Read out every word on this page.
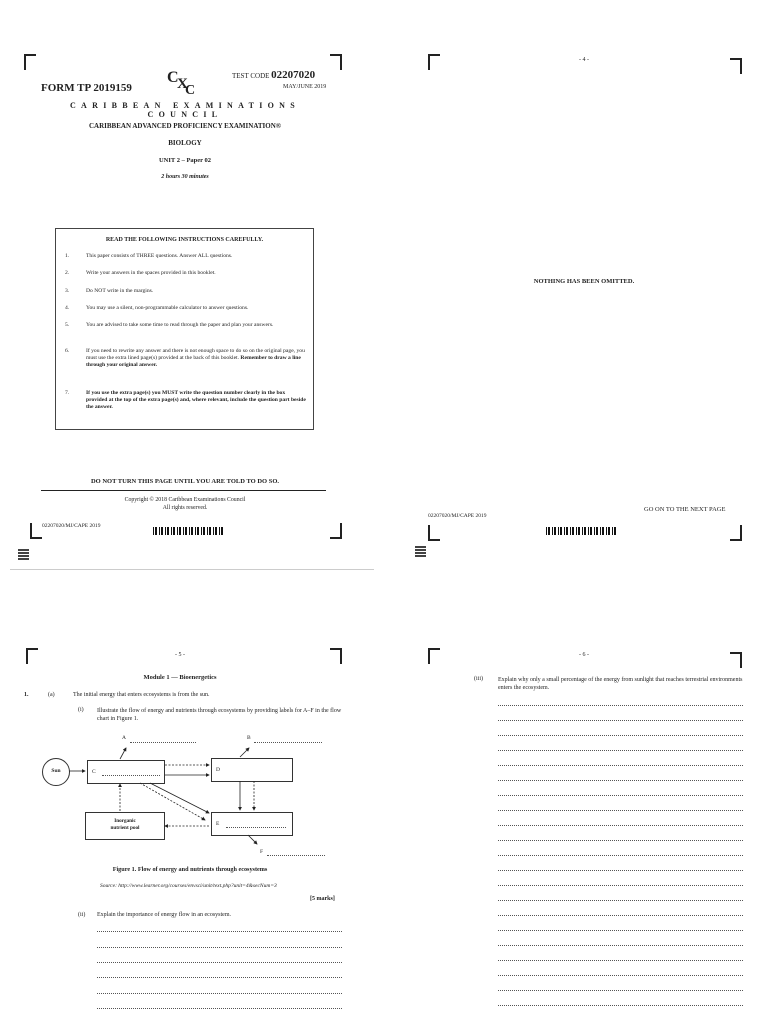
FORM TP 2019159
C
X
C
TEST CODE 02207020
MAY/JUNE 2019
CARIBBEAN EXAMINATIONS COUNCIL
CARIBBEAN ADVANCED PROFICIENCY EXAMINATION®
BIOLOGY
UNIT 2 – Paper 02
2 hours 30 minutes
READ THE FOLLOWING INSTRUCTIONS CAREFULLY.
1.	This paper consists of THREE questions. Answer ALL questions.
2.	Write your answers in the spaces provided in this booklet.
3.	Do NOT write in the margins.
4.	You may use a silent, non-programmable calculator to answer questions.
5.	You are advised to take some time to read through the paper and plan your answers.
6.	If you need to rewrite any answer and there is not enough space to do so on the original page, you must use the extra lined page(s) provided at the back of this booklet. Remember to draw a line through your original answer.
7.	If you use the extra page(s) you MUST write the question number clearly in the box provided at the top of the extra page(s) and, where relevant, include the question part beside the answer.
DO NOT TURN THIS PAGE UNTIL YOU ARE TOLD TO DO SO.
Copyright © 2018 Caribbean Examinations Council
All rights reserved.
02207020/MJ/CAPE 2019
- 4 -
NOTHING HAS BEEN OMITTED.
GO ON TO THE NEXT PAGE
02207020/MJ/CAPE 2019
- 5 -
Module 1 — Bioenergetics
1.	(a)	The initial energy that enters ecosystems is from the sun.
(i) Illustrate the flow of energy and nutrients through ecosystems by providing labels for A–F in the flow chart in Figure 1.
Sun	C	D
Inorganic
nutrient pool
E
A	B
F
Figure 1. Flow of energy and nutrients through ecosystems
Source: http://www.learner.org/courses/envsci/unit/text.php?unit=4&secNum=3
[5 marks]
(ii) Explain the importance of energy flow in an ecosystem.
- 6 -
(iii)	Explain why only a small percentage of the energy from sunlight that reaches terrestrial environments enters the ecosystem.
